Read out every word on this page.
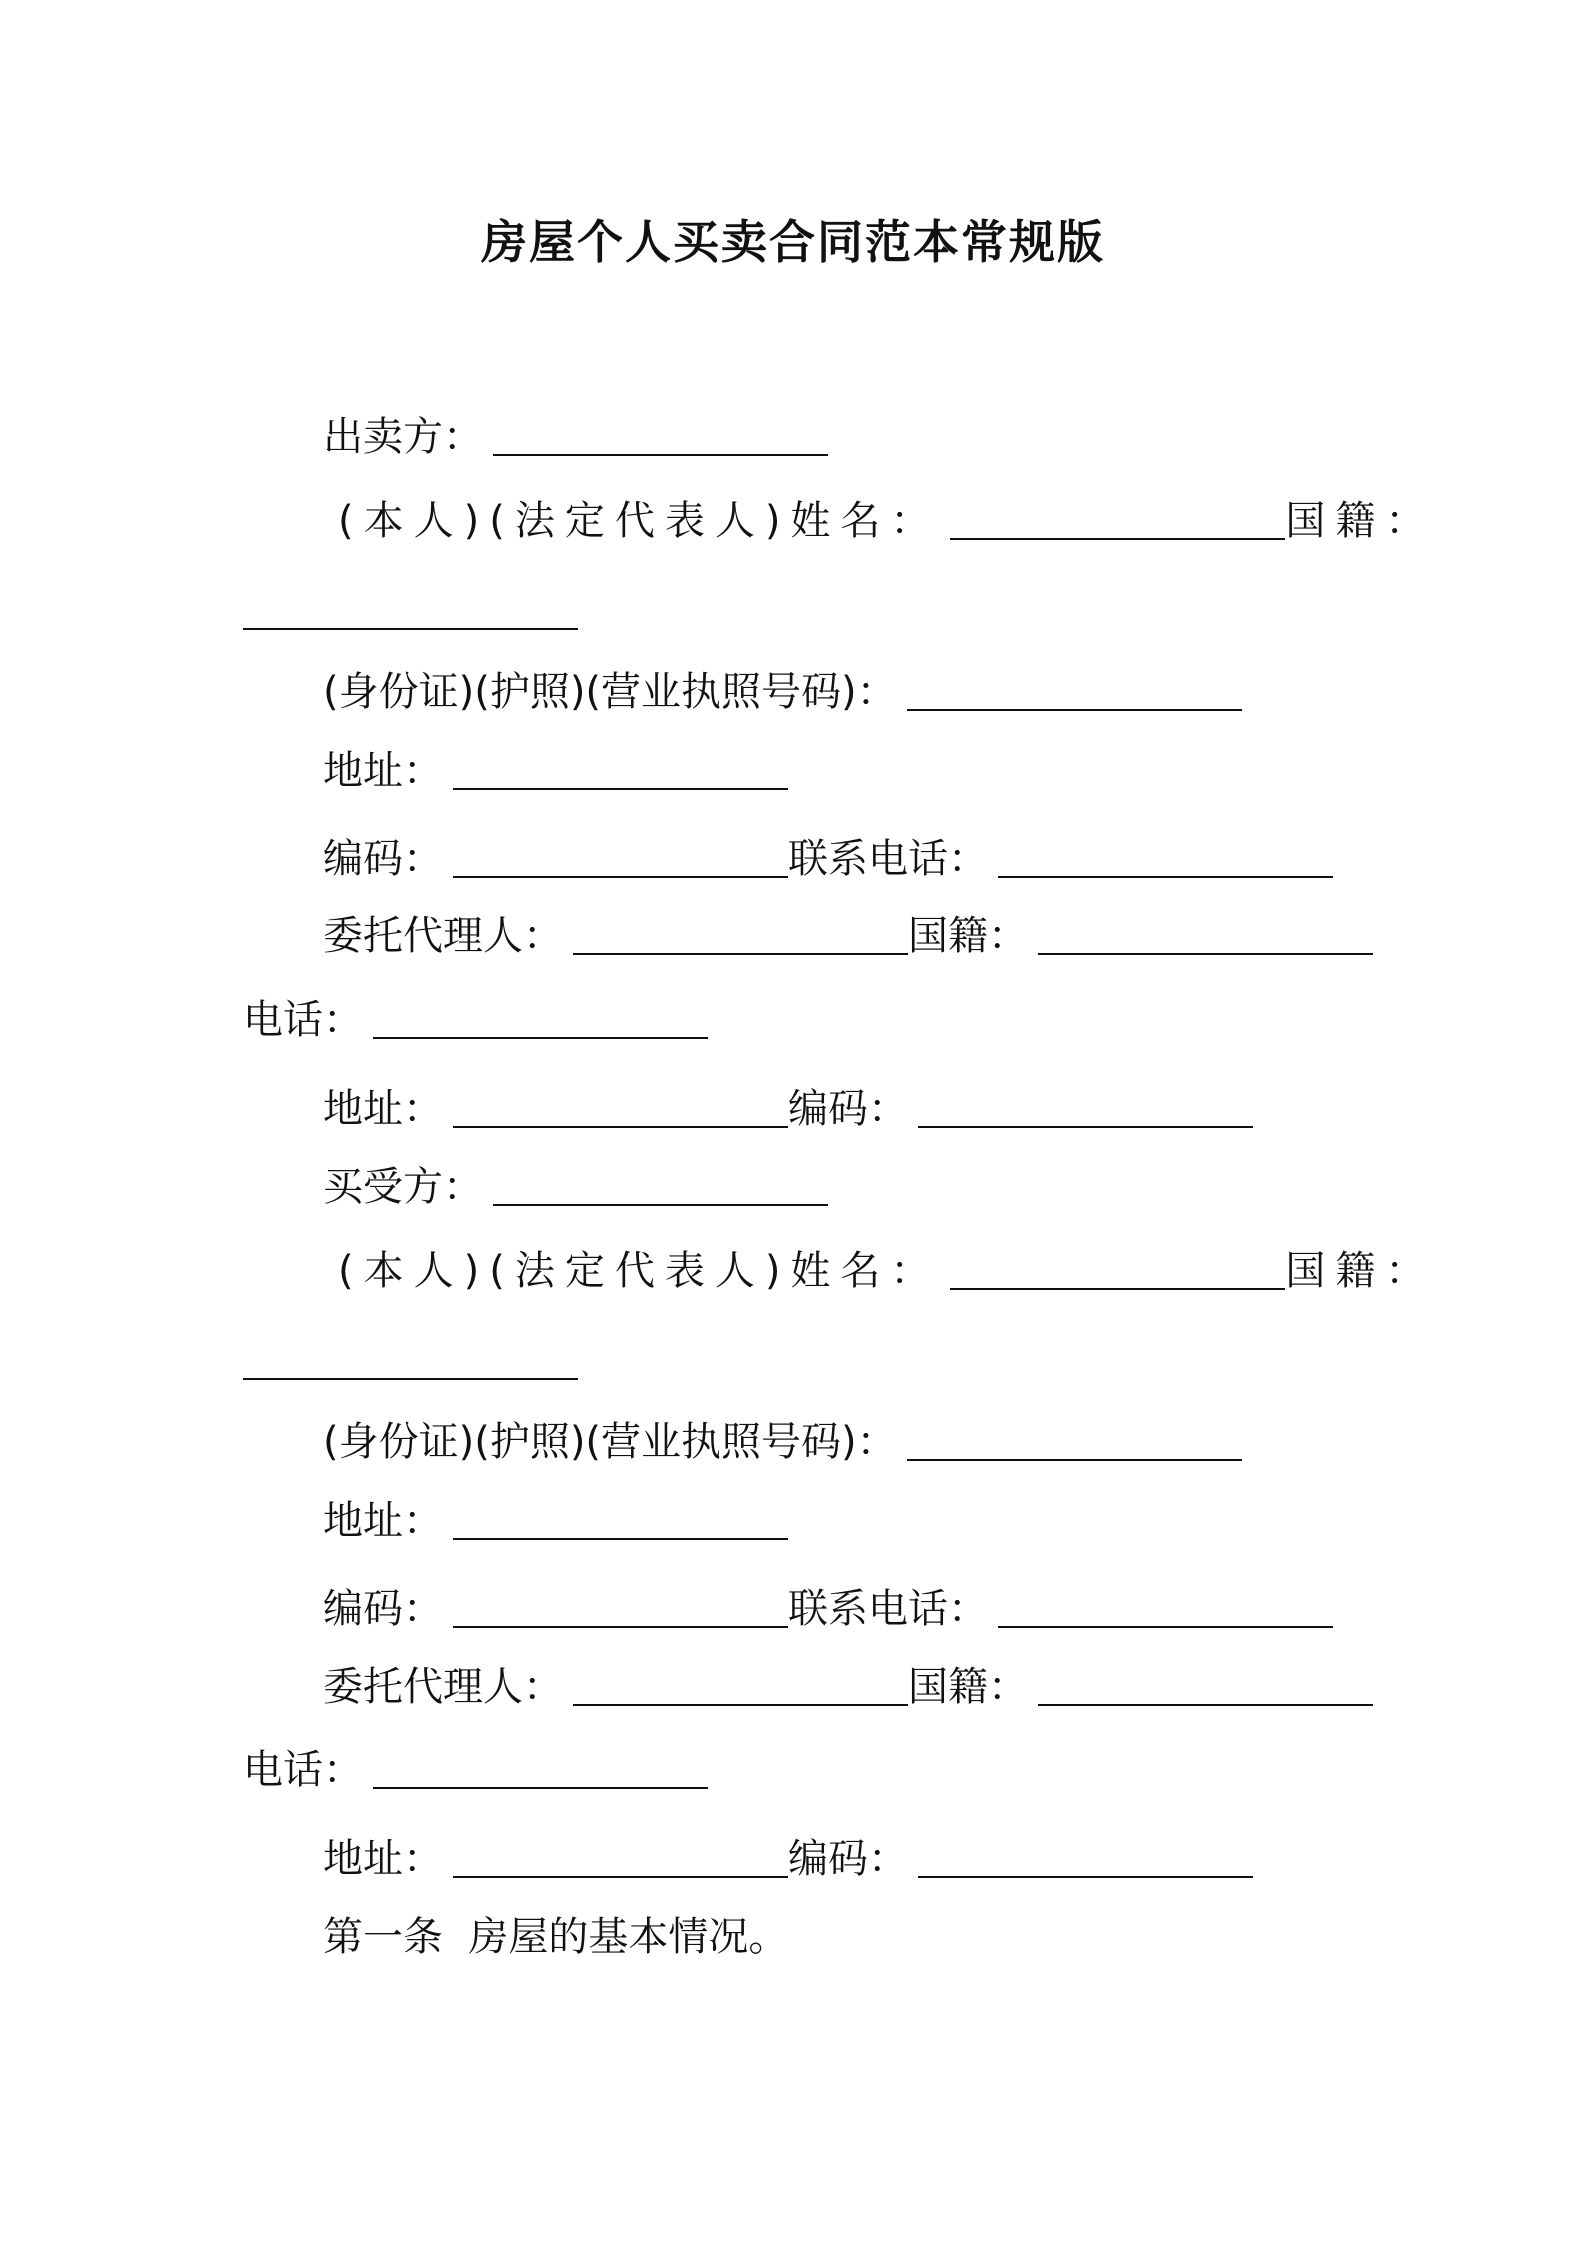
房屋个人买卖合同范本常规版
出卖方：
(本人)(法定代表人)姓名：	国籍：
(身份证)(护照)(营业执照号码)：
地址：
编码：	联系电话：
委托代理人：	国籍：
电话：
地址：	编码：
买受方：
(本人)(法定代表人)姓名：	国籍：
(身份证)(护照)(营业执照号码)：
地址：
编码：	联系电话：
委托代理人：	国籍：
电话：
地址：	编码：
第一条  房屋的基本情况。
